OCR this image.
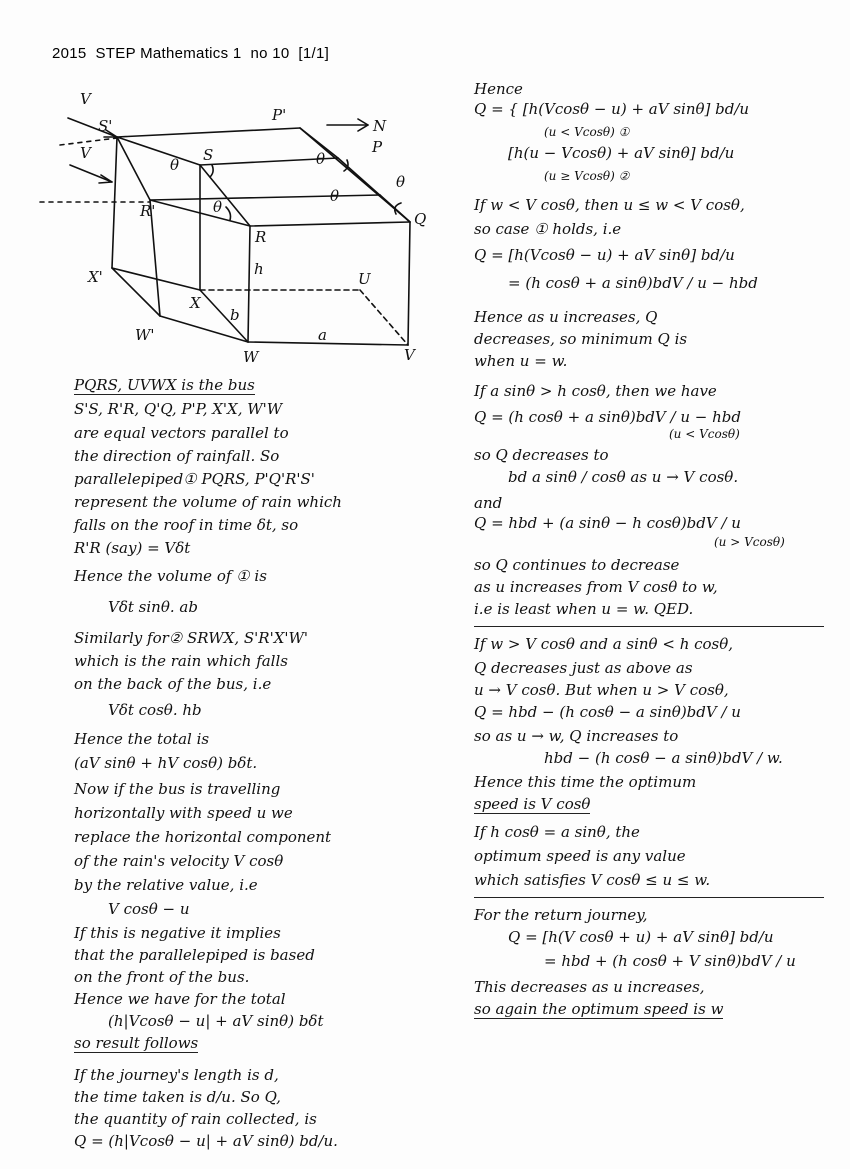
2015  STEP Mathematics 1  no 10  [1/1]
V
V
S'
P'
N
P
S
θ	θ
θ
θ
θ
R'	Q
R
X'	h
U
X
W'
b
a
W	V
PQRS, UVWX is the bus
S'S, R'R, Q'Q, P'P, X'X, W'W
are equal vectors parallel to
the direction of rainfall. So
parallelepiped① PQRS, P'Q'R'S'
represent the volume of rain which
falls on the roof in time δt, so
R'R (say) = Vδt
Hence the volume of ① is
Vδt sinθ. ab
Similarly for② SRWX, S'R'X'W'
which is the rain which falls
on the back of the bus, i.e
Vδt cosθ. hb
Hence the total is
(aV sinθ + hV cosθ) bδt.
Now if the bus is travelling
horizontally with speed u we
replace the horizontal component
of the rain's velocity V cosθ
by the relative value, i.e
V cosθ − u
If this is negative it implies
that the parallelepiped is based
on the front of the bus.
Hence we have for the total
(h|Vcosθ − u| + aV sinθ) bδt
so result follows
If the journey's length is d,
the time taken is d/u. So Q,
the quantity of rain collected, is
Q = (h|Vcosθ − u| + aV sinθ) bd/u.
Hence
Q = { [h(Vcosθ − u) + aV sinθ] bd/u
(u < Vcosθ) ①
[h(u − Vcosθ) + aV sinθ] bd/u
(u ≥ Vcosθ) ②
If w < V cosθ, then u ≤ w < V cosθ,
so case ① holds, i.e
Q = [h(Vcosθ − u) + aV sinθ] bd/u
= (h cosθ + a sinθ)bdV / u − hbd
Hence as u increases, Q
decreases, so minimum Q is
when u = w.
If a sinθ > h cosθ, then we have
Q = (h cosθ + a sinθ)bdV / u − hbd
(u < Vcosθ)
so Q decreases to
bd a sinθ / cosθ as u → V cosθ.
and
Q = hbd + (a sinθ − h cosθ)bdV / u
(u > Vcosθ)
so Q continues to decrease
as u increases from V cosθ to w,
i.e is least when u = w. QED.
If w > V cosθ and a sinθ < h cosθ,
Q decreases just as above as
u → V cosθ. But when u > V cosθ,
Q = hbd − (h cosθ − a sinθ)bdV / u
so as u → w, Q increases to
hbd − (h cosθ − a sinθ)bdV / w.
Hence this time the optimum
speed is V cosθ
If h cosθ = a sinθ, the
optimum speed is any value
which satisfies V cosθ ≤ u ≤ w.
For the return journey,
Q = [h(V cosθ + u) + aV sinθ] bd/u
= hbd + (h cosθ + V sinθ)bdV / u
This decreases as u increases,
so again the optimum speed is w
